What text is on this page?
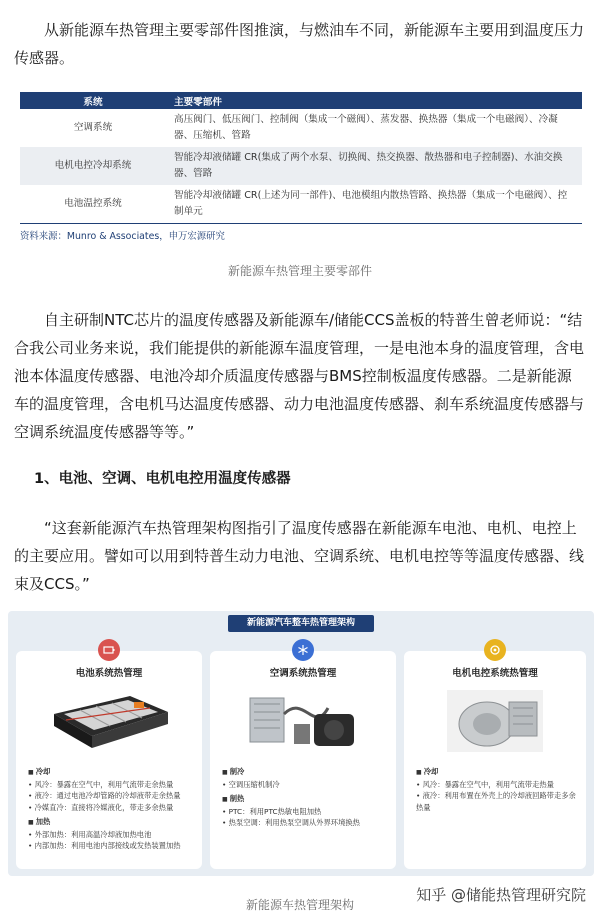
从新能源车热管理主要零部件图推演，与燃油车不同，新能源车主要用到温度压力传感器。

系统	主要零部件
空调系统	高压阀门、低压阀门、控制阀（集成一个磁阀）、蒸发器、换热器（集成一个电磁阀）、冷凝器、压缩机、管路
电机电控冷却系统	智能冷却液储罐 CR(集成了两个水泵、切换阀、热交换器、散热器和电子控制器)、水油交换器、管路
电池温控系统	智能冷却液储罐 CR(上述为同一部件)、电池模组内散热管路、换热器（集成一个电磁阀）、控制单元
资料来源：Munro & Associates，申万宏源研究
新能源车热管理主要零部件

自主研制NTC芯片的温度传感器及新能源车/储能CCS盖板的特普生曾老师说：“结合我公司业务来说，我们能提供的新能源车温度管理，一是电池本身的温度管理，含电池本体温度传感器、电池冷却介质温度传感器与BMS控制板温度传感器。二是新能源车的温度管理，含电机马达温度传感器、动力电池温度传感器、刹车系统温度传感器与空调系统温度传感器等等。”

1、电池、空调、电机电控用温度传感器

“这套新能源汽车热管理架构图指引了温度传感器在新能源车电池、电机、电控上的主要应用。譬如可以用到特普生动力电池、空调系统、电机电控等等温度传感器、线束及CCS。”

新能源汽车整车热管理架构
电池系统热管理
■ 冷却
• 风冷：暴露在空气中，利用气流带走余热量
• 液冷：通过电池冷却管路的冷却液带走余热量
• 冷媒直冷：直接将冷媒液化，带走多余热量
■ 加热
• 外部加热：利用高温冷却液加热电池
• 内部加热：利用电池内部接线或发热装置加热
空调系统热管理
■ 制冷
• 空调压缩机制冷
■ 制热
• PTC：利用PTC热敏电阻加热
• 热泵空调：利用热泵空调从外界环境换热
电机电控系统热管理
■ 冷却
• 风冷：暴露在空气中，利用气流带走热量
• 液冷：利用布置在外壳上的冷却液回路带走多余热量
新能源车热管理架构
知乎 @储能热管理研究院
